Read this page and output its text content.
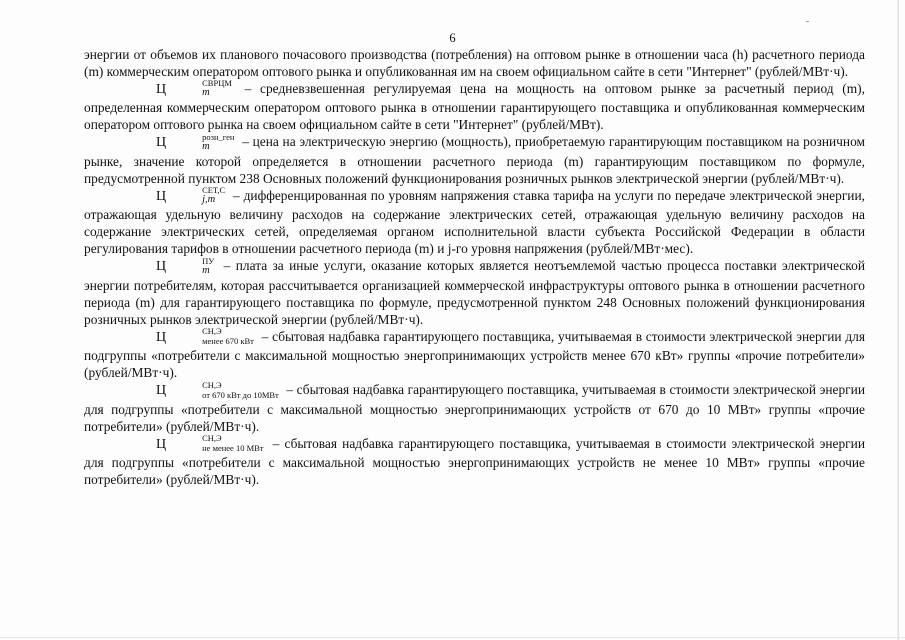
6

энергии от объемов их планового почасового производства (потребления) на оптовом рынке в отношении часа (h) расчетного периода (m) коммерческим оператором оптового рынка и опубликованная им на своем официальном сайте в сети "Интернет" (рублей/МВт·ч).

Ц	СВРЦМ
m	– средневзвешенная регулируемая цена на мощность на оптовом рынке за расчетный период (m), определенная коммерческим оператором оптового рынка в отношении гарантирующего поставщика и опубликованная коммерческим оператором оптового рынка на своем официальном сайте в сети "Интернет" (рублей/МВт).

Ц	розн_ген
m	– цена на электрическую энергию (мощность), приобретаемую гарантирующим поставщиком на розничном рынке, значение которой определяется в отношении расчетного периода (m) гарантирующим поставщиком по формуле, предусмотренной пунктом 238 Основных положений функционирования розничных рынков электрической энергии (рублей/МВт·ч).

Ц	СЕТ,С
j,m	– дифференцированная по уровням напряжения ставка тарифа на услуги по передаче электрической энергии, отражающая удельную величину расходов на содержание электрических сетей, отражающая удельную величину расходов на содержание электрических сетей, определяемая органом исполнительной власти субъекта Российской Федерации в области регулирования тарифов в отношении расчетного периода (m) и j-го уровня напряжения (рублей/МВт·мес).

Ц	ПУ
m – плата за иные услуги, оказание которых является неотъемлемой частью процесса поставки электрической энергии потребителям, которая рассчитывается организацией коммерческой инфраструктуры оптового рынка в отношении расчетного периода (m) для гарантирующего поставщика по формуле, предусмотренной пунктом 248 Основных положений функционирования розничных рынков электрической энергии (рублей/МВт·ч).

Ц	СН,Э
менее 670 кВт – сбытовая надбавка гарантирующего поставщика, учитываемая в стоимости электрической энергии для подгруппы «потребители с максимальной мощностью энергопринимающих устройств менее 670 кВт» группы «прочие потребители» (рублей/МВт·ч).

Ц	СН,Э
от 670 кВт до 10МВт – сбытовая надбавка гарантирующего поставщика, учитываемая в стоимости электрической энергии для подгруппы «потребители с максимальной мощностью энергопринимающих устройств от 670 до 10 МВт» группы «прочие потребители» (рублей/МВт·ч).

Ц	СН,Э
не менее 10 МВт – сбытовая надбавка гарантирующего поставщика, учитываемая в стоимости электрической энергии для подгруппы «потребители с максимальной мощностью энергопринимающих устройств не менее 10 МВт» группы «прочие потребители» (рублей/МВт·ч).
